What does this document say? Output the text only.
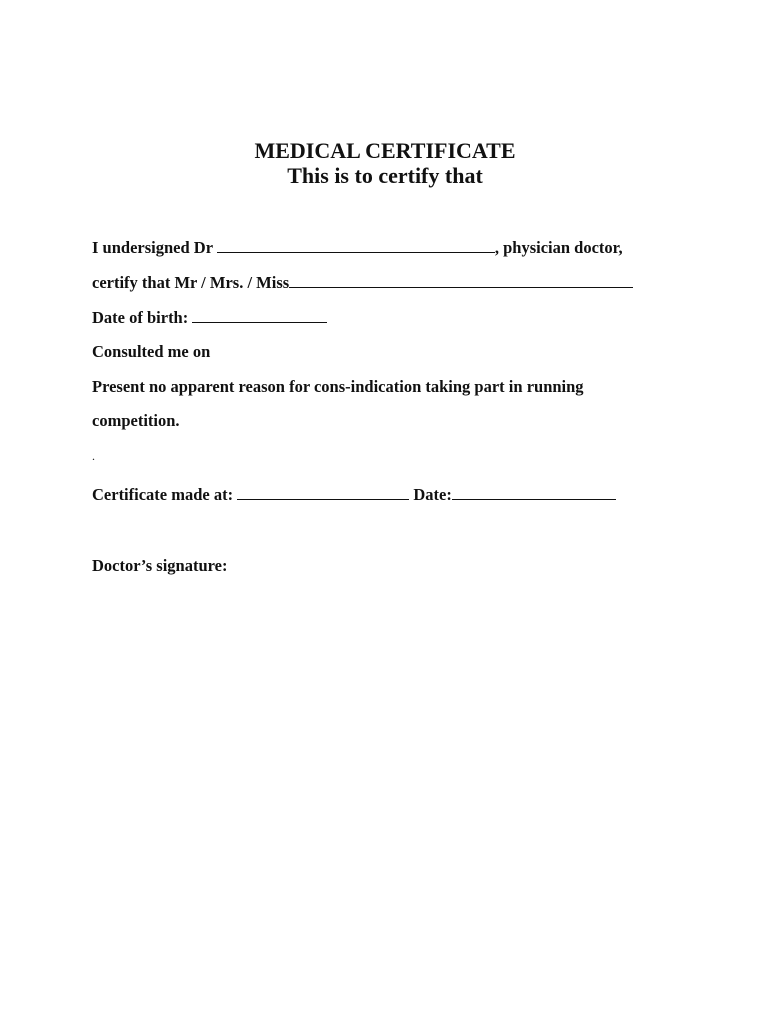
MEDICAL CERTIFICATE
This is to certify that
I undersigned Dr	, physician doctor,
certify that Mr / Mrs. / Miss
Date of birth:
Consulted me on
Present no apparent reason for cons-indication taking part in running
competition.
.
Certificate made at:	Date:
Doctor’s signature:
